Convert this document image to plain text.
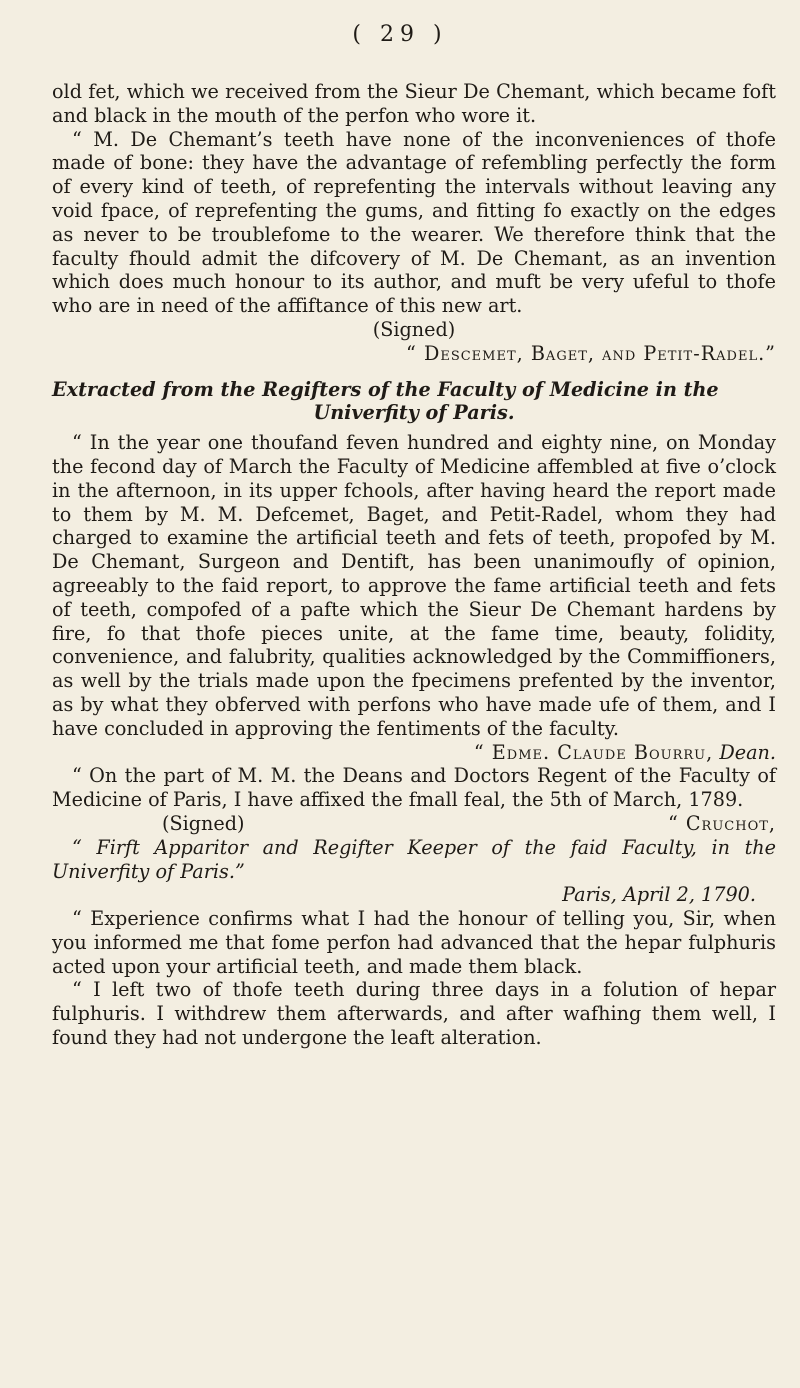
( 29 )

old fet, which we received from the Sieur De Chemant, which became foft and black in the mouth of the perfon who wore it.

“ M. De Chemant’s teeth have none of the inconveniences of thofe made of bone: they have the advantage of refembling perfectly the form of every kind of teeth, of reprefenting the intervals without leaving any void fpace, of reprefenting the gums, and fitting fo exactly on the edges as never to be troublefome to the wearer. We therefore think that the faculty fhould admit the difcovery of M. De Chemant, as an invention which does much honour to its author, and muft be very ufeful to thofe who are in need of the affiftance of this new art.

(Signed)

“ Descemet, Baget, and Petit-Radel.”

Extracted from the Regifters of the Faculty of Medicine in the
Univerfity of Paris.

“ In the year one thoufand feven hundred and eighty nine, on Monday the fecond day of March the Faculty of Medicine affembled at five o’clock in the afternoon, in its upper fchools, after having heard the report made to them by M. M. Defcemet, Baget, and Petit-Radel, whom they had charged to examine the artificial teeth and fets of teeth, propofed by M. De Chemant, Surgeon and Dentift, has been unanimoufly of opinion, agreeably to the faid report, to approve the fame artificial teeth and fets of teeth, compofed of a pafte which the Sieur De Chemant hardens by fire, fo that thofe pieces unite, at the fame time, beauty, folidity, convenience, and falubrity, qualities acknowledged by the Commiffioners, as well by the trials made upon the fpecimens prefented by the inventor, as by what they obferved with perfons who have made ufe of them, and I have concluded in approving the fentiments of the faculty.

“ Edme. Claude Bourru, Dean.

“ On the part of M. M. the Deans and Doctors Regent of the Faculty of Medicine of Paris, I have affixed the fmall feal, the 5th of March, 1789.

(Signed)	“ Cruchot,

“ Firft Apparitor and Regifter Keeper of the faid Faculty, in the Univerfity of Paris.”

Paris, April 2, 1790.

“ Experience confirms what I had the honour of telling you, Sir, when you informed me that fome perfon had advanced that the hepar fulphuris acted upon your artificial teeth, and made them black.

“ I left two of thofe teeth during three days in a folution of hepar fulphuris. I withdrew them afterwards, and after wafhing them well, I found they had not undergone the leaft alteration.
